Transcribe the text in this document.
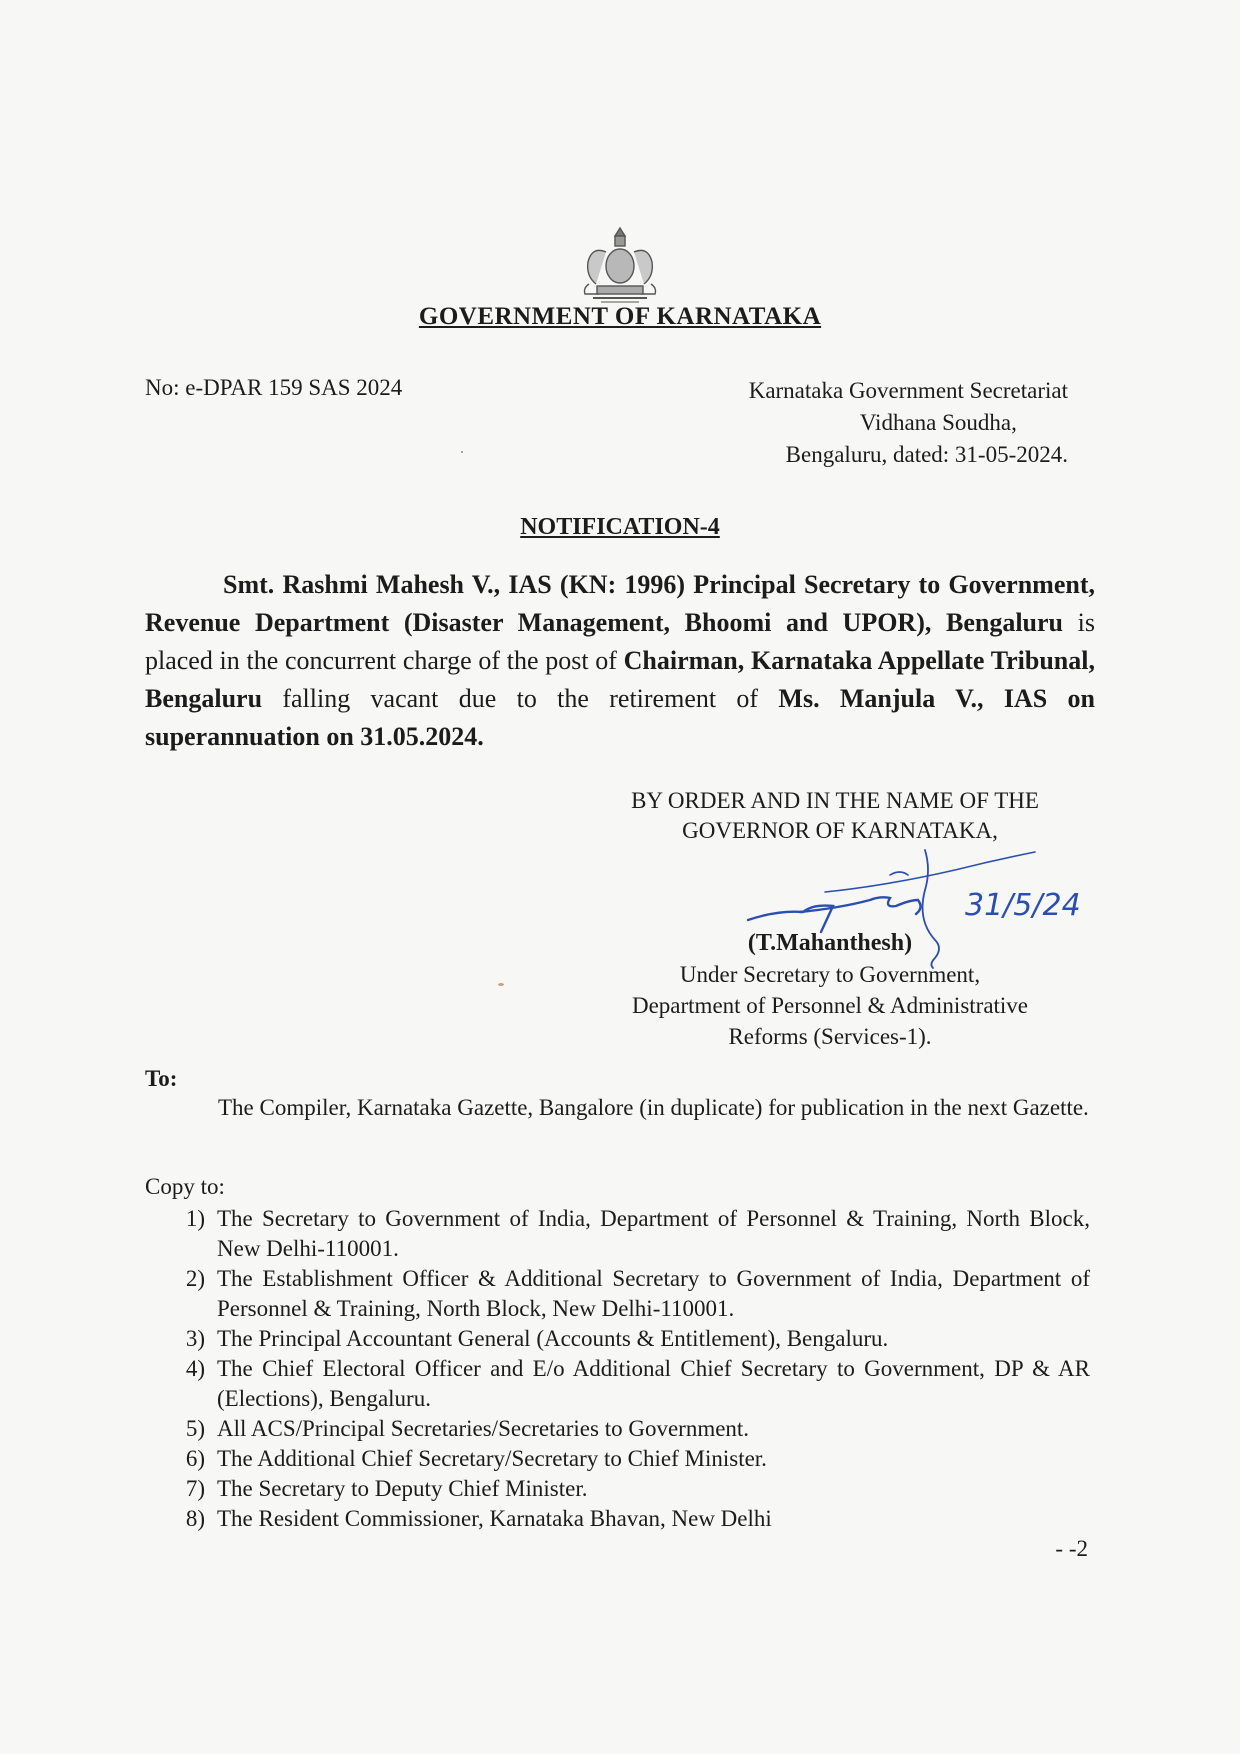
GOVERNMENT OF KARNATAKA
No: e-DPAR 159 SAS 2024	Karnataka Government Secretariat
Vidhana Soudha,
Bengaluru, dated: 31-05-2024.
NOTIFICATION-4
Smt. Rashmi Mahesh V., IAS (KN: 1996) Principal Secretary to Government, Revenue Department (Disaster Management, Bhoomi and UPOR), Bengaluru is placed in the concurrent charge of the post of Chairman, Karnataka Appellate Tribunal, Bengaluru falling vacant due to the retirement of Ms. Manjula V., IAS on superannuation on 31.05.2024.
BY ORDER AND IN THE NAME OF THE
GOVERNOR OF KARNATAKA,
31/5/24
(T.Mahanthesh)
Under Secretary to Government,
Department of Personnel & Administrative
Reforms (Services-1).
To:
The Compiler, Karnataka Gazette, Bangalore (in duplicate) for publication in the next Gazette.
Copy to:
1) The Secretary to Government of India, Department of Personnel & Training, North Block, New Delhi-110001.
2) The Establishment Officer & Additional Secretary to Government of India, Department of Personnel & Training, North Block, New Delhi-110001.
3) The Principal Accountant General (Accounts & Entitlement), Bengaluru.
4) The Chief Electoral Officer and E/o Additional Chief Secretary to Government, DP & AR (Elections), Bengaluru.
5) All ACS/Principal Secretaries/Secretaries to Government.
6) The Additional Chief Secretary/Secretary to Chief Minister.
7) The Secretary to Deputy Chief Minister.
8) The Resident Commissioner, Karnataka Bhavan, New Delhi
- -2
